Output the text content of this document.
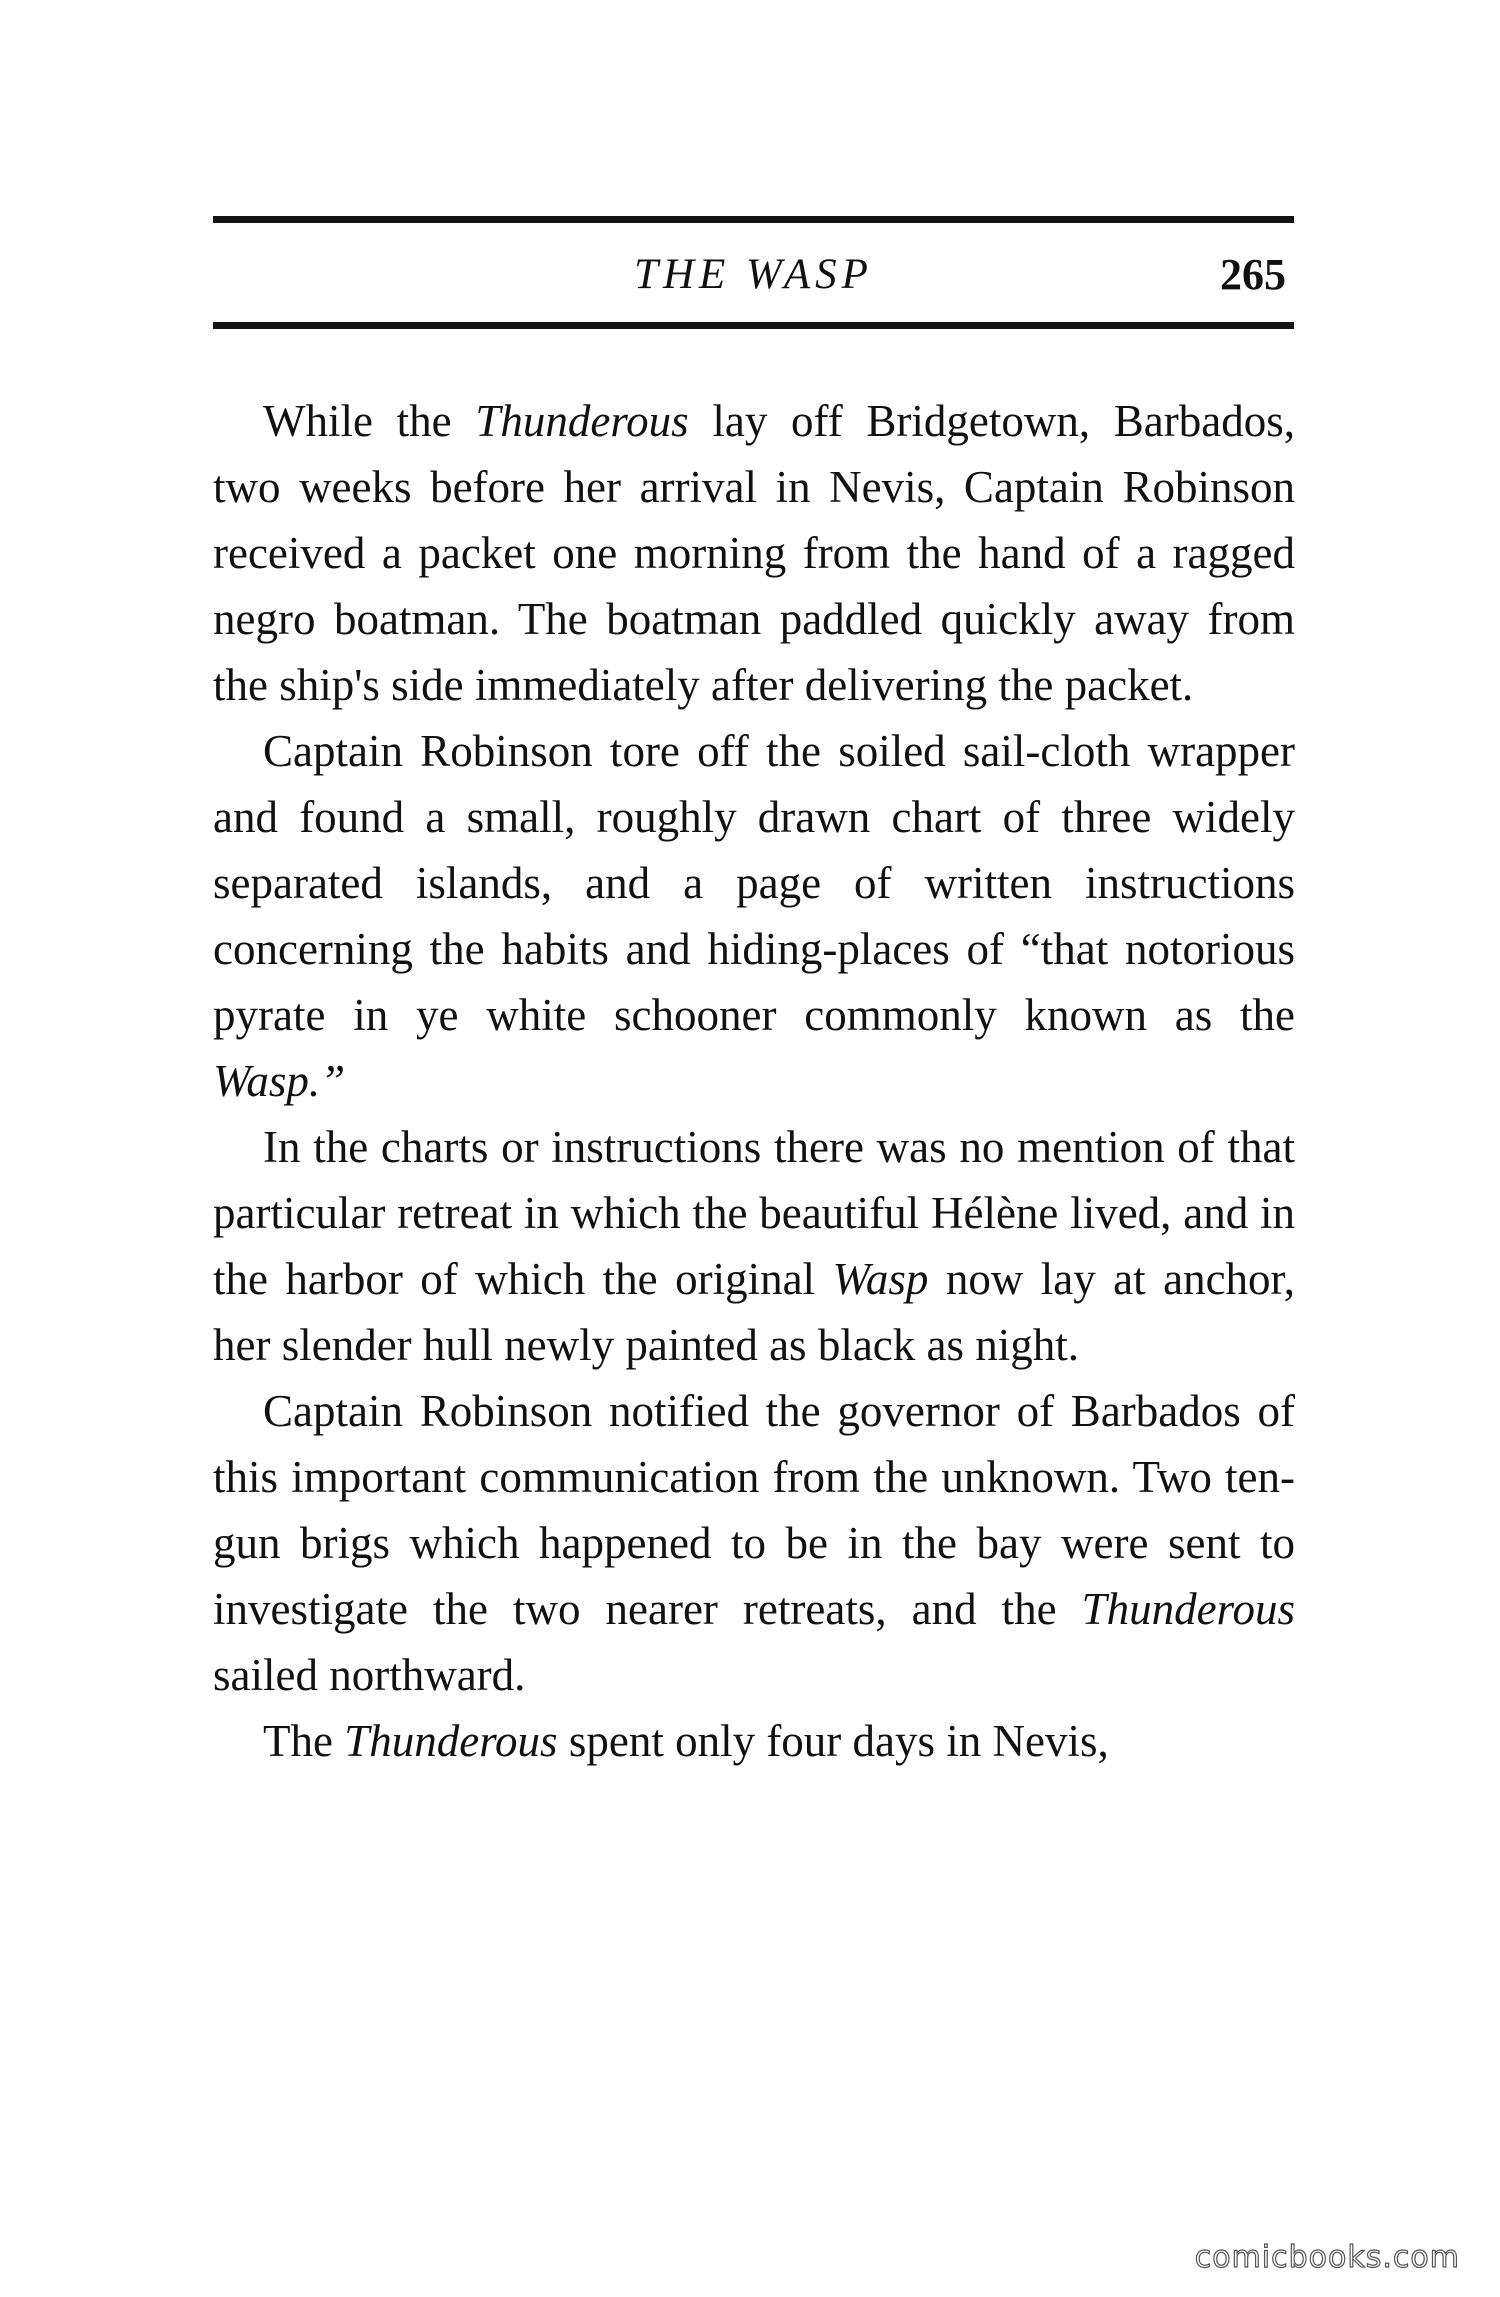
THE WASP	265

While the Thunderous lay off Bridgetown, Barbados, two weeks before her arrival in Nevis, Captain Robinson received a packet one morning from the hand of a ragged negro boatman. The boatman paddled quickly away from the ship's side immediately after delivering the packet.

Captain Robinson tore off the soiled sail-cloth wrapper and found a small, roughly drawn chart of three widely separated islands, and a page of written instructions concerning the habits and hiding-places of “that notorious pyrate in ye white schooner commonly known as the Wasp.”

In the charts or instructions there was no mention of that particular retreat in which the beautiful Hélène lived, and in the harbor of which the original Wasp now lay at anchor, her slender hull newly painted as black as night.

Captain Robinson notified the governor of Barbados of this important communication from the unknown. Two ten-gun brigs which happened to be in the bay were sent to investigate the two nearer retreats, and the Thunderous sailed northward.

The Thunderous spent only four days in Nevis,

comicbooks.com
